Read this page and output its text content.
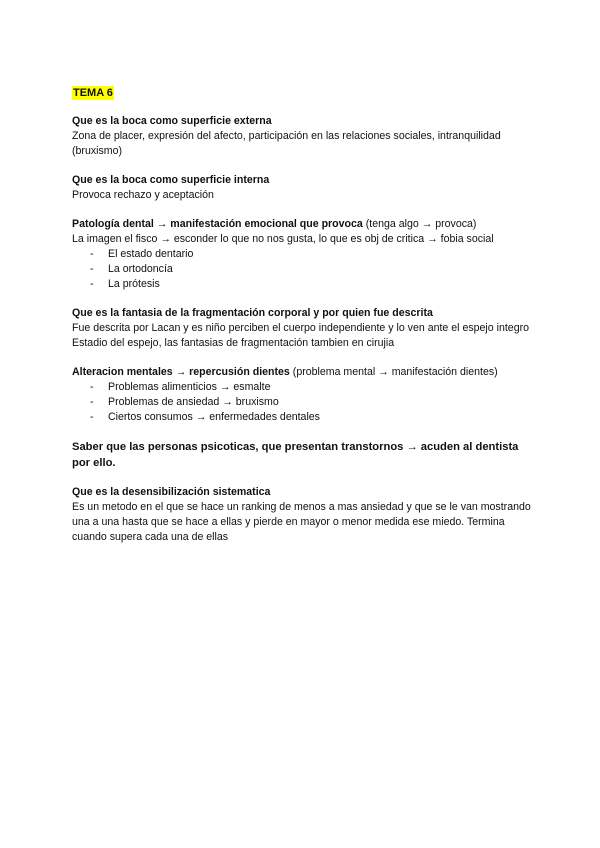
TEMA 6
Que es la boca como superficie externa
Zona de placer, expresión del afecto, participación en las relaciones sociales, intranquilidad (bruxismo)
Que es la boca como superficie interna
Provoca rechazo y aceptación
Patología dental → manifestación emocional que provoca (tenga algo → provoca)
La imagen el fisco → esconder lo que no nos gusta, lo que es obj de critica → fobia social
- El estado dentario
- La ortodoncía
- La prótesis
Que es la fantasia de la fragmentación corporal y por quien fue descrita
Fue descrita por Lacan y es niño perciben el cuerpo independiente y lo ven ante el espejo integro Estadio del espejo, las fantasias de fragmentación tambien en cirujia
Alteracion mentales → repercusión dientes (problema mental → manifestación dientes)
- Problemas alimenticios → esmalte
- Problemas de ansiedad → bruxismo
- Ciertos consumos → enfermedades dentales
Saber que las personas psicoticas, que presentan transtornos → acuden al dentista por ello.
Que es la desensibilización sistematica
Es un metodo en el que se hace un ranking de menos a mas ansiedad y que se le van mostrando una a una hasta que se hace a ellas y pierde en mayor o menor medida ese miedo. Termina cuando supera cada una de ellas
